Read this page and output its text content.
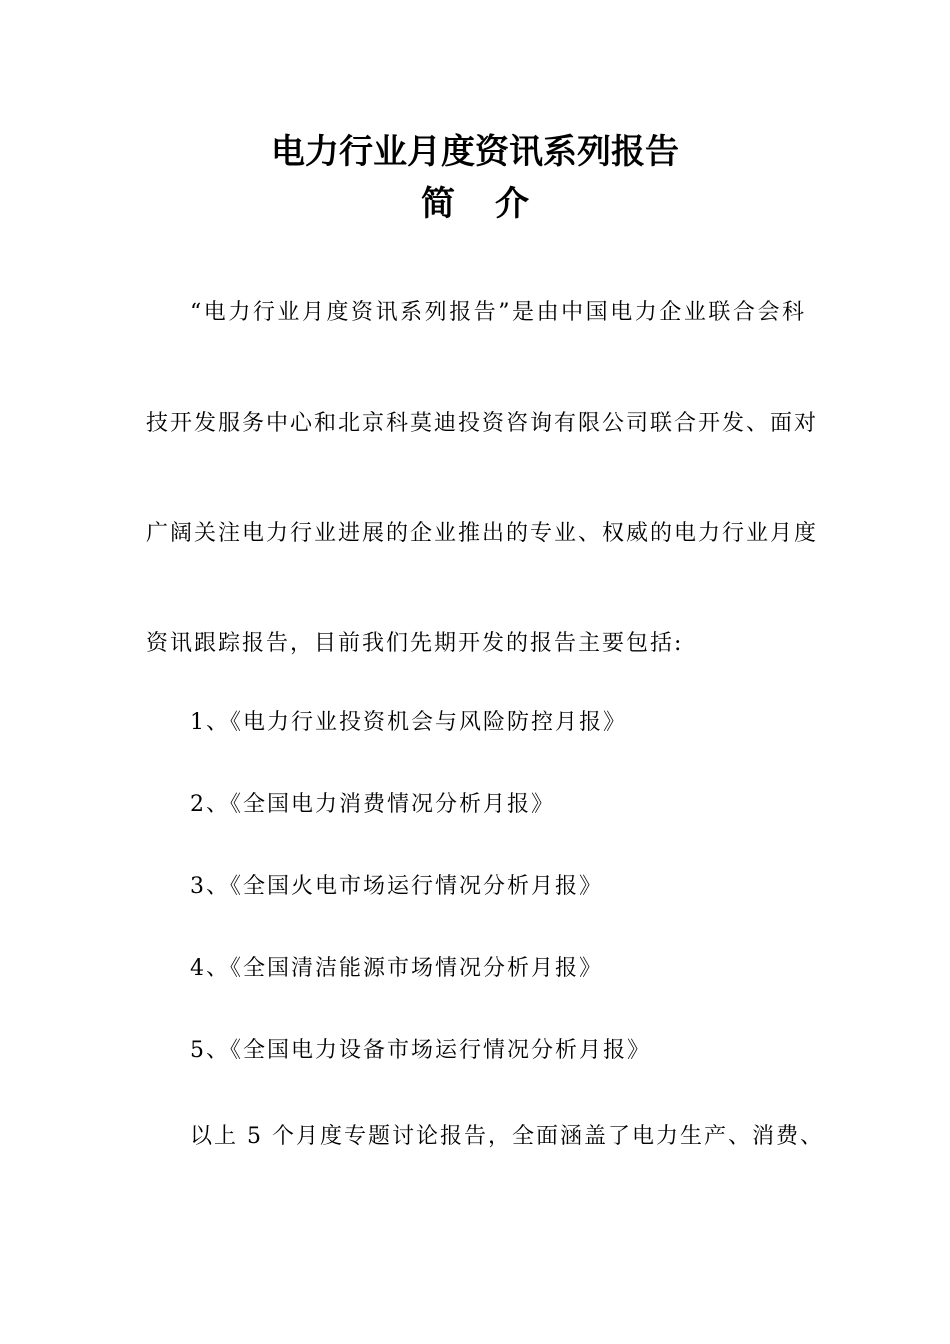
电力行业月度资讯系列报告
简 介

“电力行业月度资讯系列报告”是由中国电力企业联合会科

技开发服务中心和北京科莫迪投资咨询有限公司联合开发、面对

广阔关注电力行业进展的企业推出的专业、权威的电力行业月度

资讯跟踪报告，目前我们先期开发的报告主要包括:

1、《电力行业投资机会与风险防控月报》

2、《全国电力消费情况分析月报》

3、《全国火电市场运行情况分析月报》

4、《全国清洁能源市场情况分析月报》

5、《全国电力设备市场运行情况分析月报》

以上 5 个月度专题讨论报告，全面涵盖了电力生产、消费、
